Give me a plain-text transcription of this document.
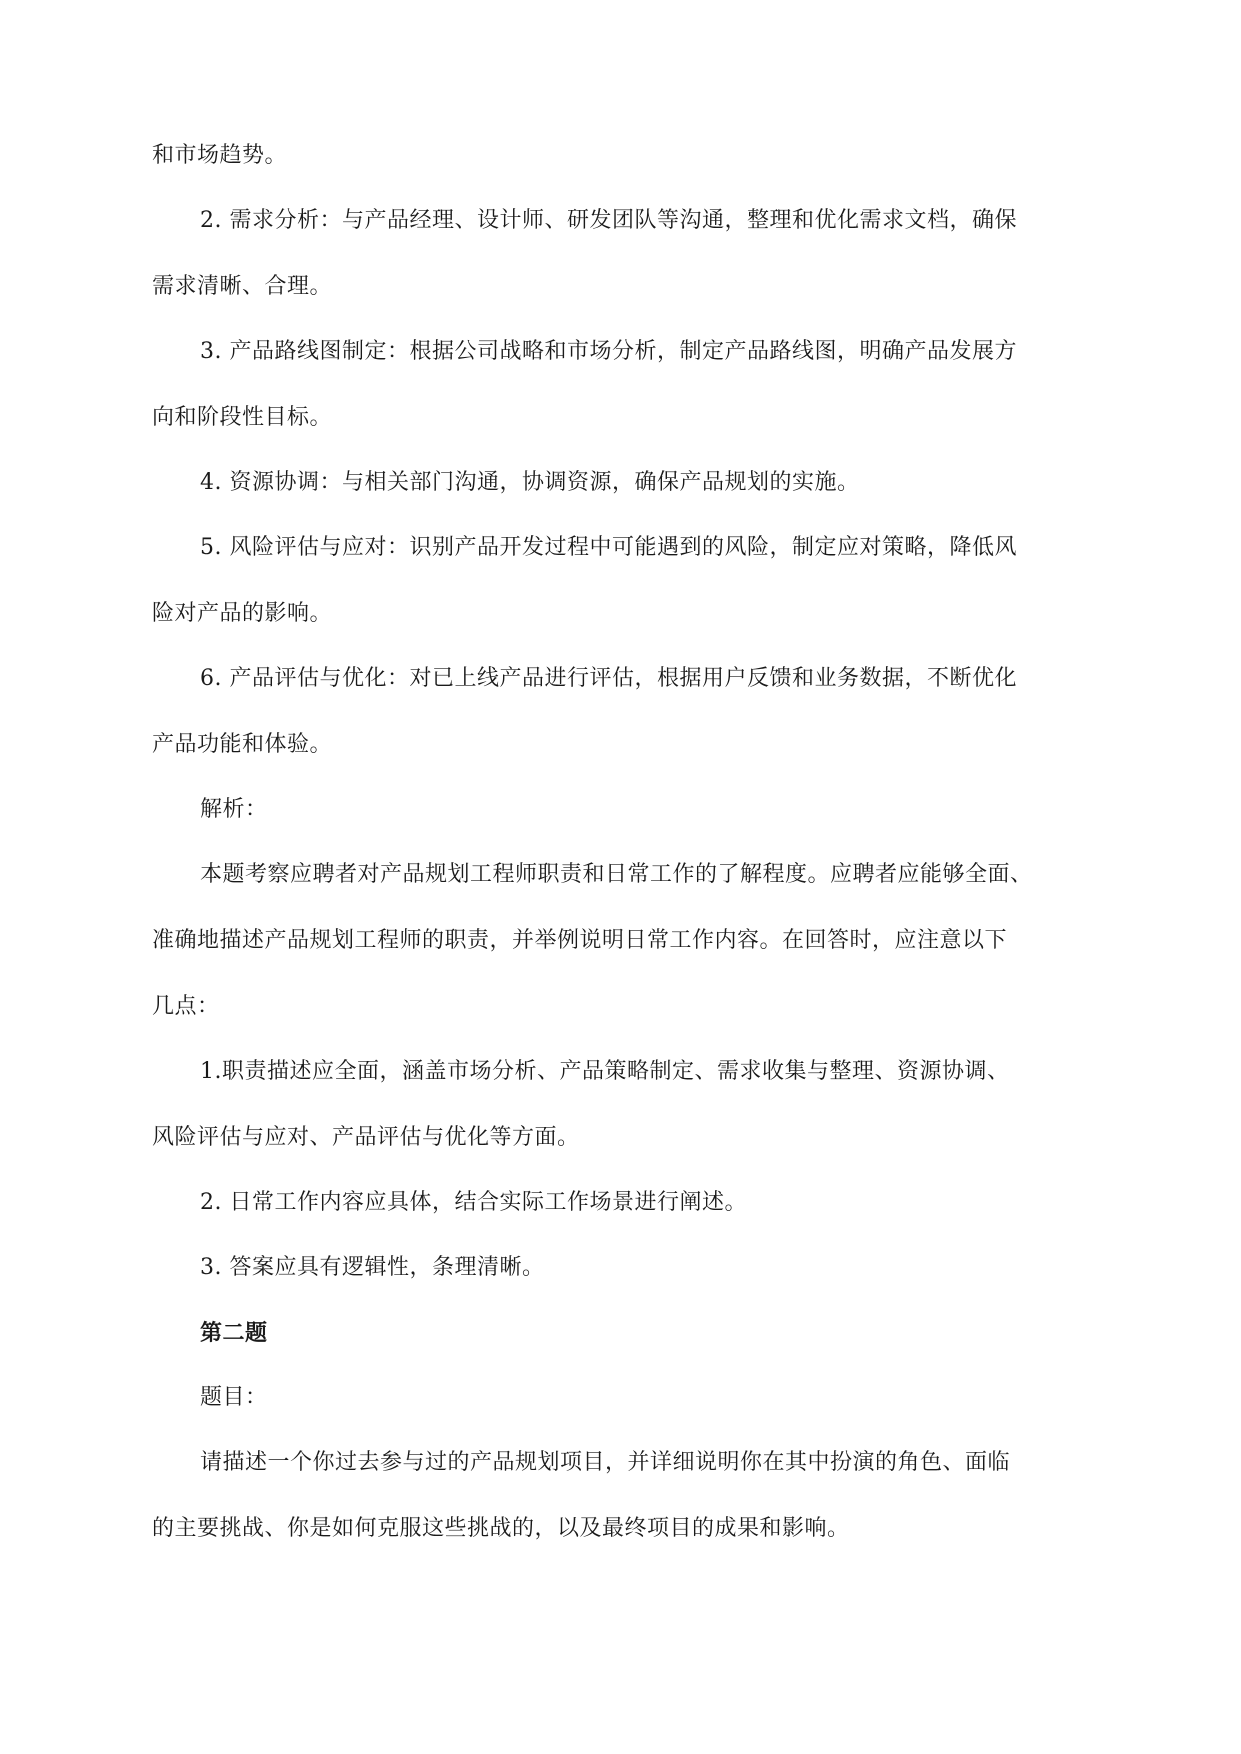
和市场趋势。

2. 需求分析：与产品经理、设计师、研发团队等沟通，整理和优化需求文档，确保

需求清晰、合理。

3. 产品路线图制定：根据公司战略和市场分析，制定产品路线图，明确产品发展方

向和阶段性目标。

4. 资源协调：与相关部门沟通，协调资源，确保产品规划的实施。

5. 风险评估与应对：识别产品开发过程中可能遇到的风险，制定应对策略，降低风

险对产品的影响。

6. 产品评估与优化：对已上线产品进行评估，根据用户反馈和业务数据，不断优化

产品功能和体验。

解析：

本题考察应聘者对产品规划工程师职责和日常工作的了解程度。应聘者应能够全面、

准确地描述产品规划工程师的职责，并举例说明日常工作内容。在回答时，应注意以下

几点：

1.职责描述应全面，涵盖市场分析、产品策略制定、需求收集与整理、资源协调、

风险评估与应对、产品评估与优化等方面。

2. 日常工作内容应具体，结合实际工作场景进行阐述。

3. 答案应具有逻辑性，条理清晰。

第二题

题目：

请描述一个你过去参与过的产品规划项目，并详细说明你在其中扮演的角色、面临

的主要挑战、你是如何克服这些挑战的，以及最终项目的成果和影响。
